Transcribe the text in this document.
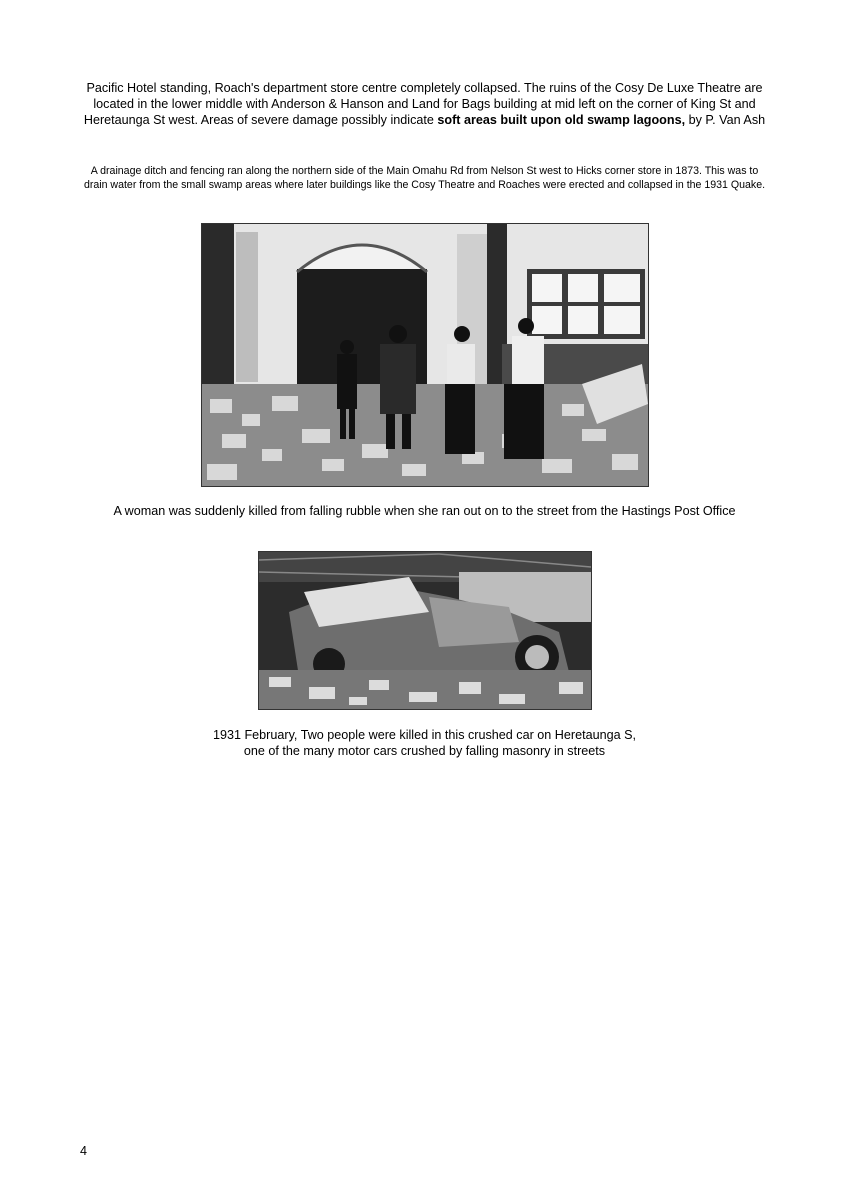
Pacific Hotel standing, Roach's department store centre completely collapsed. The ruins of the Cosy De Luxe Theatre are located in the lower middle with Anderson & Hanson and Land for Bags building at mid left on the corner of King St and Heretaunga St west. Areas of severe damage possibly indicate soft areas built upon old swamp lagoons, by P. Van Ash

A drainage ditch and fencing ran along the northern side of the Main Omahu Rd from Nelson St west to Hicks corner store in 1873. This was to drain water from the small swamp areas where later buildings like the Cosy Theatre and Roaches were erected and collapsed in the 1931 Quake.

A woman was suddenly killed from falling rubble when she ran out on to the street from the Hastings Post Office

1931 February, Two people were killed in this crushed car on Heretaunga S,
one of the many motor cars crushed by falling masonry in streets

4
